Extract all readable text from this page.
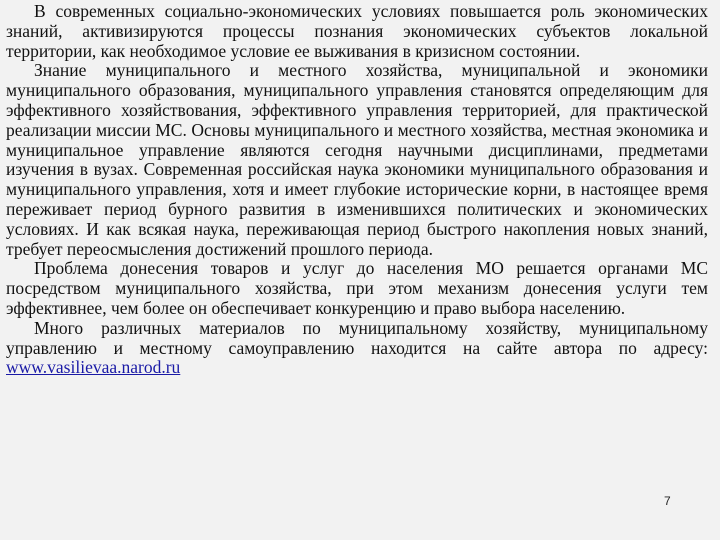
В современных социально-экономических условиях повышается роль экономических знаний, активизируются процессы познания экономических субъектов локальной территории, как необходимое условие ее выживания в кризисном состоянии.

Знание муниципального и местного хозяйства, муниципальной и экономики муниципального образования, муниципального управления становятся определяющим для эффективного хозяйствования, эффективного управления территорией, для практической реализации миссии МС. Основы муниципального и местного хозяйства, местная экономика и муниципальное управление являются сегодня научными дисциплинами, предметами изучения в вузах. Современная российская наука экономики муниципального образования и муниципального управления, хотя и имеет глубокие исторические корни, в настоящее время переживает период бурного развития в изменившихся политических и экономических условиях. И как всякая наука, переживающая период быстрого накопления новых знаний, требует переосмысления достижений прошлого периода.

Проблема донесения товаров и услуг до населения МО решается органами МС посредством муниципального хозяйства, при этом механизм донесения услуги тем эффективнее, чем более он обеспечивает конкуренцию и право выбора населению.

Много различных материалов по муниципальному хозяйству, муниципальному управлению и местному самоуправлению находится на сайте автора по адресу: www.vasilievaa.narod.ru

7
